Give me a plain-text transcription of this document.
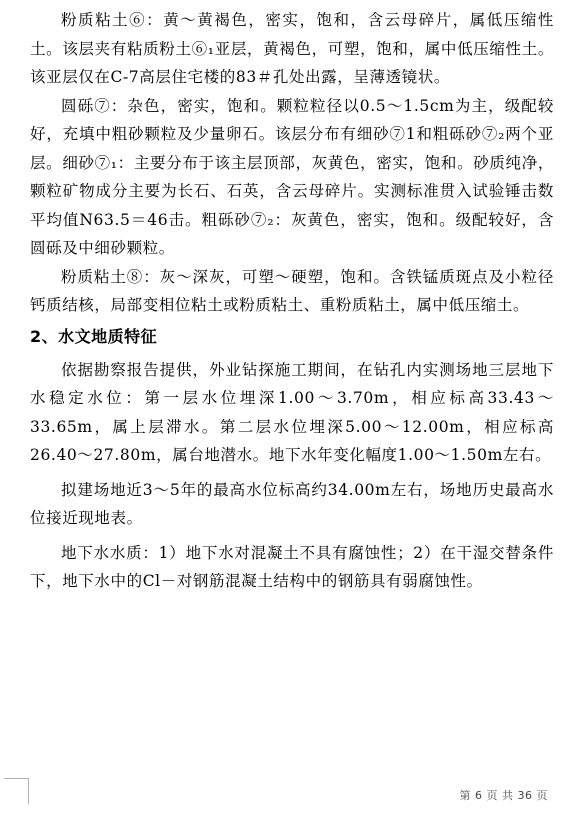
粉质粘土⑥：黄～黄褐色，密实，饱和，含云母碎片，属低压缩性土。该层夹有粘质粉土⑥₁亚层，黄褐色，可塑，饱和，属中低压缩性土。该亚层仅在C-7高层住宅楼的83＃孔处出露，呈薄透镜状。

圆砾⑦：杂色，密实，饱和。颗粒粒径以0.5～1.5cm为主，级配较好，充填中粗砂颗粒及少量卵石。该层分布有细砂⑦1和粗砾砂⑦₂两个亚层。细砂⑦₁：主要分布于该主层顶部，灰黄色，密实，饱和。砂质纯净，颗粒矿物成分主要为长石、石英，含云母碎片。实测标准贯入试验锤击数平均值N63.5＝46击。粗砾砂⑦₂：灰黄色，密实，饱和。级配较好，含圆砾及中细砂颗粒。

粉质粘土⑧：灰～深灰，可塑～硬塑，饱和。含铁锰质斑点及小粒径钙质结核，局部变相位粘土或粉质粘土、重粉质粘土，属中低压缩土。

2、水文地质特征

依据勘察报告提供，外业钻探施工期间，在钻孔内实测场地三层地下水稳定水位：第一层水位埋深1.00～3.70m，相应标高33.43～33.65m，属上层滞水。第二层水位埋深5.00～12.00m，相应标高26.40～27.80m，属台地潜水。地下水年变化幅度1.00～1.50m左右。

拟建场地近3～5年的最高水位标高约34.00m左右，场地历史最高水位接近现地表。

地下水水质：1）地下水对混凝土不具有腐蚀性；2）在干湿交替条件下，地下水中的Cl－对钢筋混凝土结构中的钢筋具有弱腐蚀性。

第 6 页 共 36 页
